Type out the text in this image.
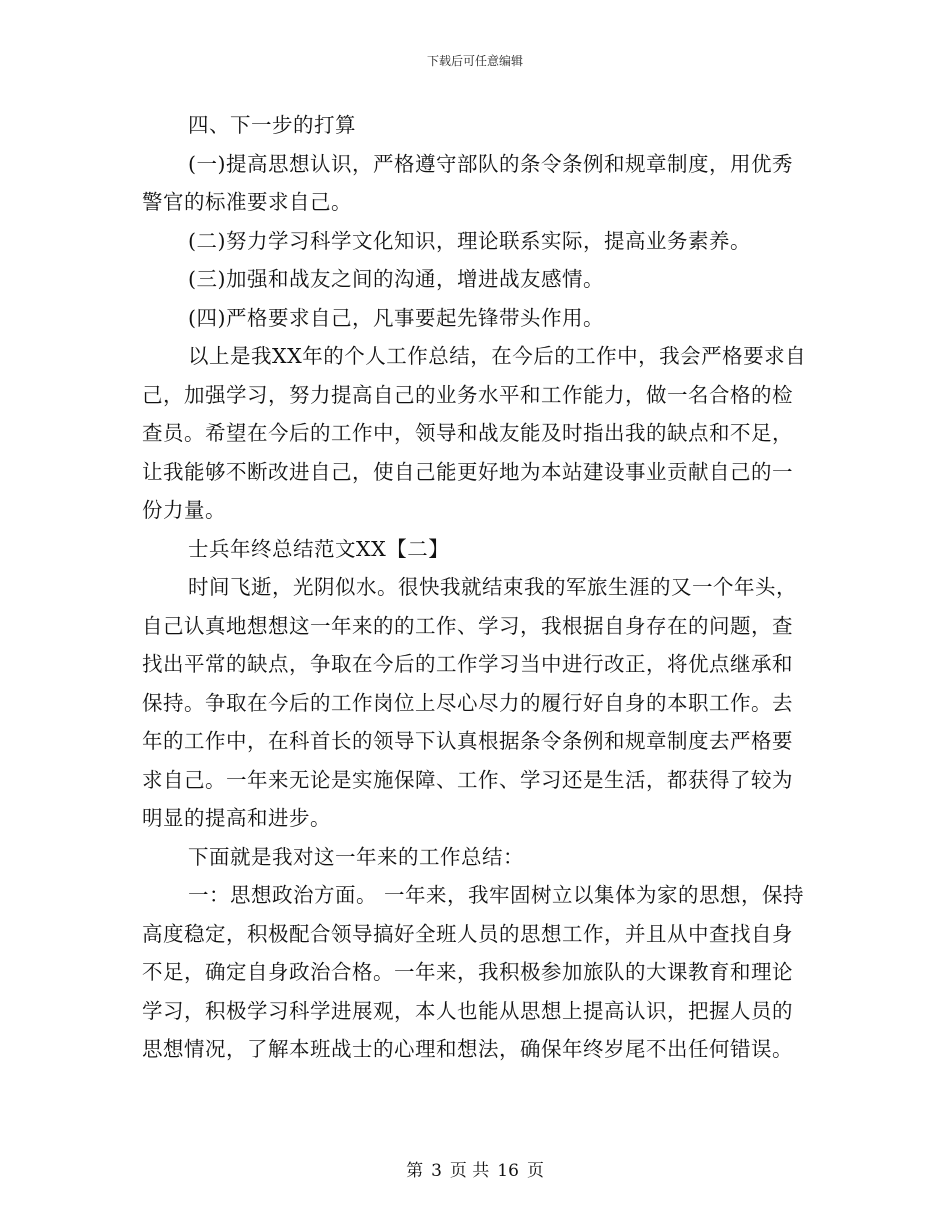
下载后可任意编辑

四、下一步的打算

(一)提高思想认识，严格遵守部队的条令条例和规章制度，用优秀警官的标准要求自己。

(二)努力学习科学文化知识，理论联系实际，提高业务素养。

(三)加强和战友之间的沟通，增进战友感情。

(四)严格要求自己，凡事要起先锋带头作用。

以上是我XX年的个人工作总结，在今后的工作中，我会严格要求自己，加强学习，努力提高自己的业务水平和工作能力，做一名合格的检查员。希望在今后的工作中，领导和战友能及时指出我的缺点和不足，让我能够不断改进自己，使自己能更好地为本站建设事业贡献自己的一份力量。

士兵年终总结范文XX【二】

时间飞逝，光阴似水。很快我就结束我的军旅生涯的又一个年头，自己认真地想想这一年来的的工作、学习，我根据自身存在的问题，查找出平常的缺点，争取在今后的工作学习当中进行改正，将优点继承和保持。争取在今后的工作岗位上尽心尽力的履行好自身的本职工作。去年的工作中，在科首长的领导下认真根据条令条例和规章制度去严格要求自己。一年来无论是实施保障、工作、学习还是生活，都获得了较为明显的提高和进步。

下面就是我对这一年来的工作总结：

一：思想政治方面。 一年来，我牢固树立以集体为家的思想，保持高度稳定，积极配合领导搞好全班人员的思想工作，并且从中查找自身不足，确定自身政治合格。一年来，我积极参加旅队的大课教育和理论学习，积极学习科学进展观，本人也能从思想上提高认识，把握人员的思想情况，了解本班战士的心理和想法，确保年终岁尾不出任何错误。

第 3 页 共 16 页
